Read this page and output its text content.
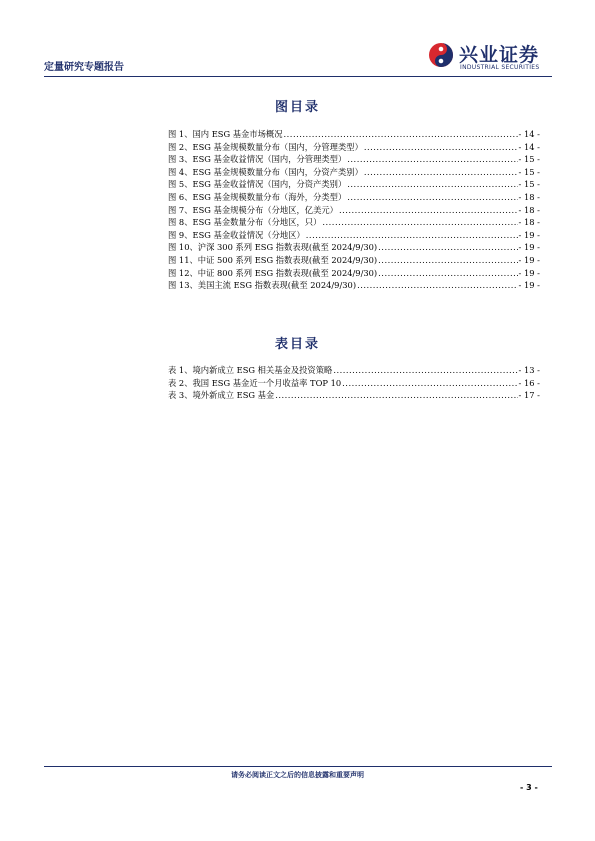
定量研究专题报告
兴业证券
INDUSTRIAL SECURITIES
图目录
图 1、国内 ESG 基金市场概况 .....	- 14 -
图 2、ESG 基金规模数量分布（国内，分管理类型） .....	- 14 -
图 3、ESG 基金收益情况（国内，分管理类型） .....	- 15 -
图 4、ESG 基金规模数量分布（国内，分资产类别） .....	- 15 -
图 5、ESG 基金收益情况（国内，分资产类别） .....	- 15 -
图 6、ESG 基金规模数量分布（海外，分类型） .....	- 18 -
图 7、ESG 基金规模分布（分地区，亿美元） .....	- 18 -
图 8、ESG 基金数量分布（分地区，只） .....	- 18 -
图 9、ESG 基金收益情况（分地区） .....	- 19 -
图 10、沪深 300 系列 ESG 指数表现(截至 2024/9/30) .....	- 19 -
图 11、中证 500 系列 ESG 指数表现(截至 2024/9/30) .....	- 19 -
图 12、中证 800 系列 ESG 指数表现(截至 2024/9/30) .....	- 19 -
图 13、美国主流 ESG 指数表现(截至 2024/9/30) .....	- 19 -
表目录
表 1、境内新成立 ESG 相关基金及投资策略 .....	- 13 -
表 2、我国 ESG 基金近一个月收益率 TOP 10 .....	- 16 -
表 3、境外新成立 ESG 基金 .....	- 17 -
请务必阅读正文之后的信息披露和重要声明
- 3 -
